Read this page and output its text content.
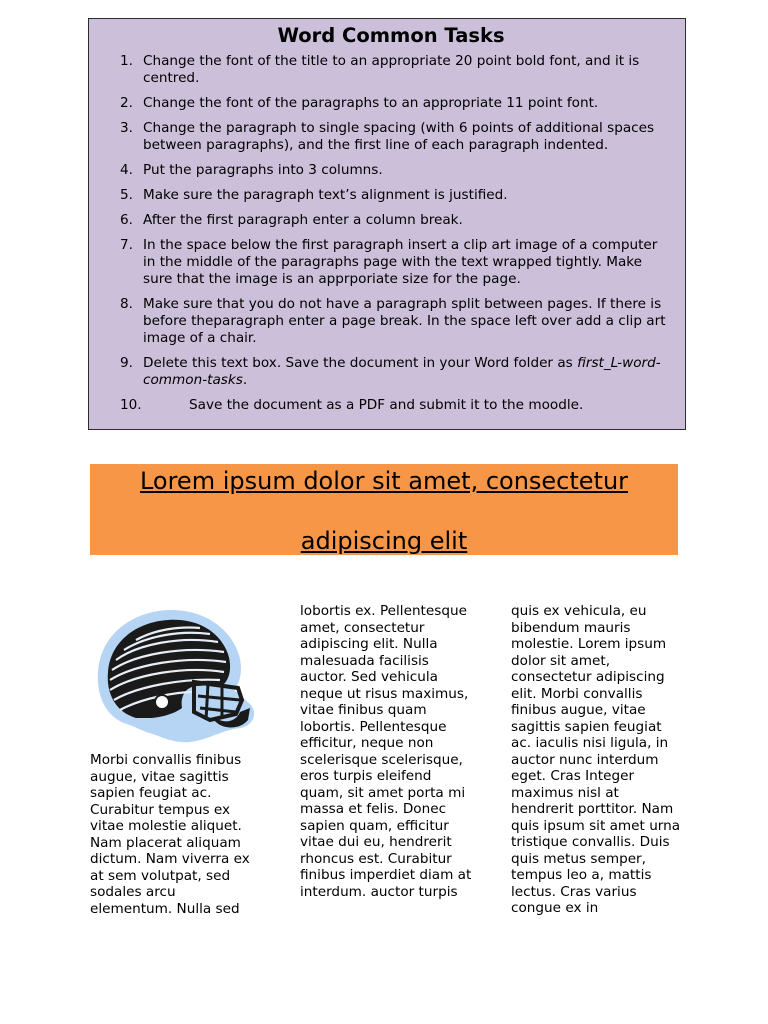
Word Common Tasks
1. Change the font of the title to an appropriate 20 point bold font, and it is centred.
2. Change the font of the paragraphs to an appropriate 11 point font.
3. Change the paragraph to single spacing (with 6 points of additional spaces between paragraphs), and the first line of each paragraph indented.
4. Put the paragraphs into 3 columns.
5. Make sure the paragraph text’s alignment is justified.
6. After the first paragraph enter a column break.
7. In the space below the first paragraph insert a clip art image of a computer in the middle of the paragraphs page with the text wrapped tightly. Make sure that the image is an apprporiate size for the page.
8. Make sure that you do not have a paragraph split between pages. If there is before theparagraph enter a page break. In the space left over add a clip art image of a chair.
9. Delete this text box. Save the document in your Word folder as first_L-word-common-tasks.
10.	Save the document as a PDF and submit it to the moodle.
Lorem ipsum dolor sit amet, consectetur
adipiscing elit
Morbi convallis finibus augue, vitae sagittis sapien feugiat ac. Curabitur tempus ex vitae molestie aliquet. Nam placerat aliquam dictum. Nam viverra ex at sem volutpat, sed sodales arcu elementum. Nulla sed
lobortis ex. Pellentesque amet, consectetur adipiscing elit. Nulla malesuada facilisis auctor. Sed vehicula neque ut risus maximus, vitae finibus quam lobortis. Pellentesque efficitur, neque non scelerisque scelerisque, eros turpis eleifend quam, sit amet porta mi massa et felis. Donec sapien quam, efficitur vitae dui eu, hendrerit rhoncus est. Curabitur finibus imperdiet diam at interdum. auctor turpis
quis ex vehicula, eu bibendum mauris molestie. Lorem ipsum dolor sit amet, consectetur adipiscing elit. Morbi convallis finibus augue, vitae sagittis sapien feugiat ac. iaculis nisi ligula, in auctor nunc interdum eget. Cras Integer maximus nisl at hendrerit porttitor. Nam quis ipsum sit amet urna tristique convallis. Duis quis metus semper, tempus leo a, mattis lectus. Cras varius congue ex in
